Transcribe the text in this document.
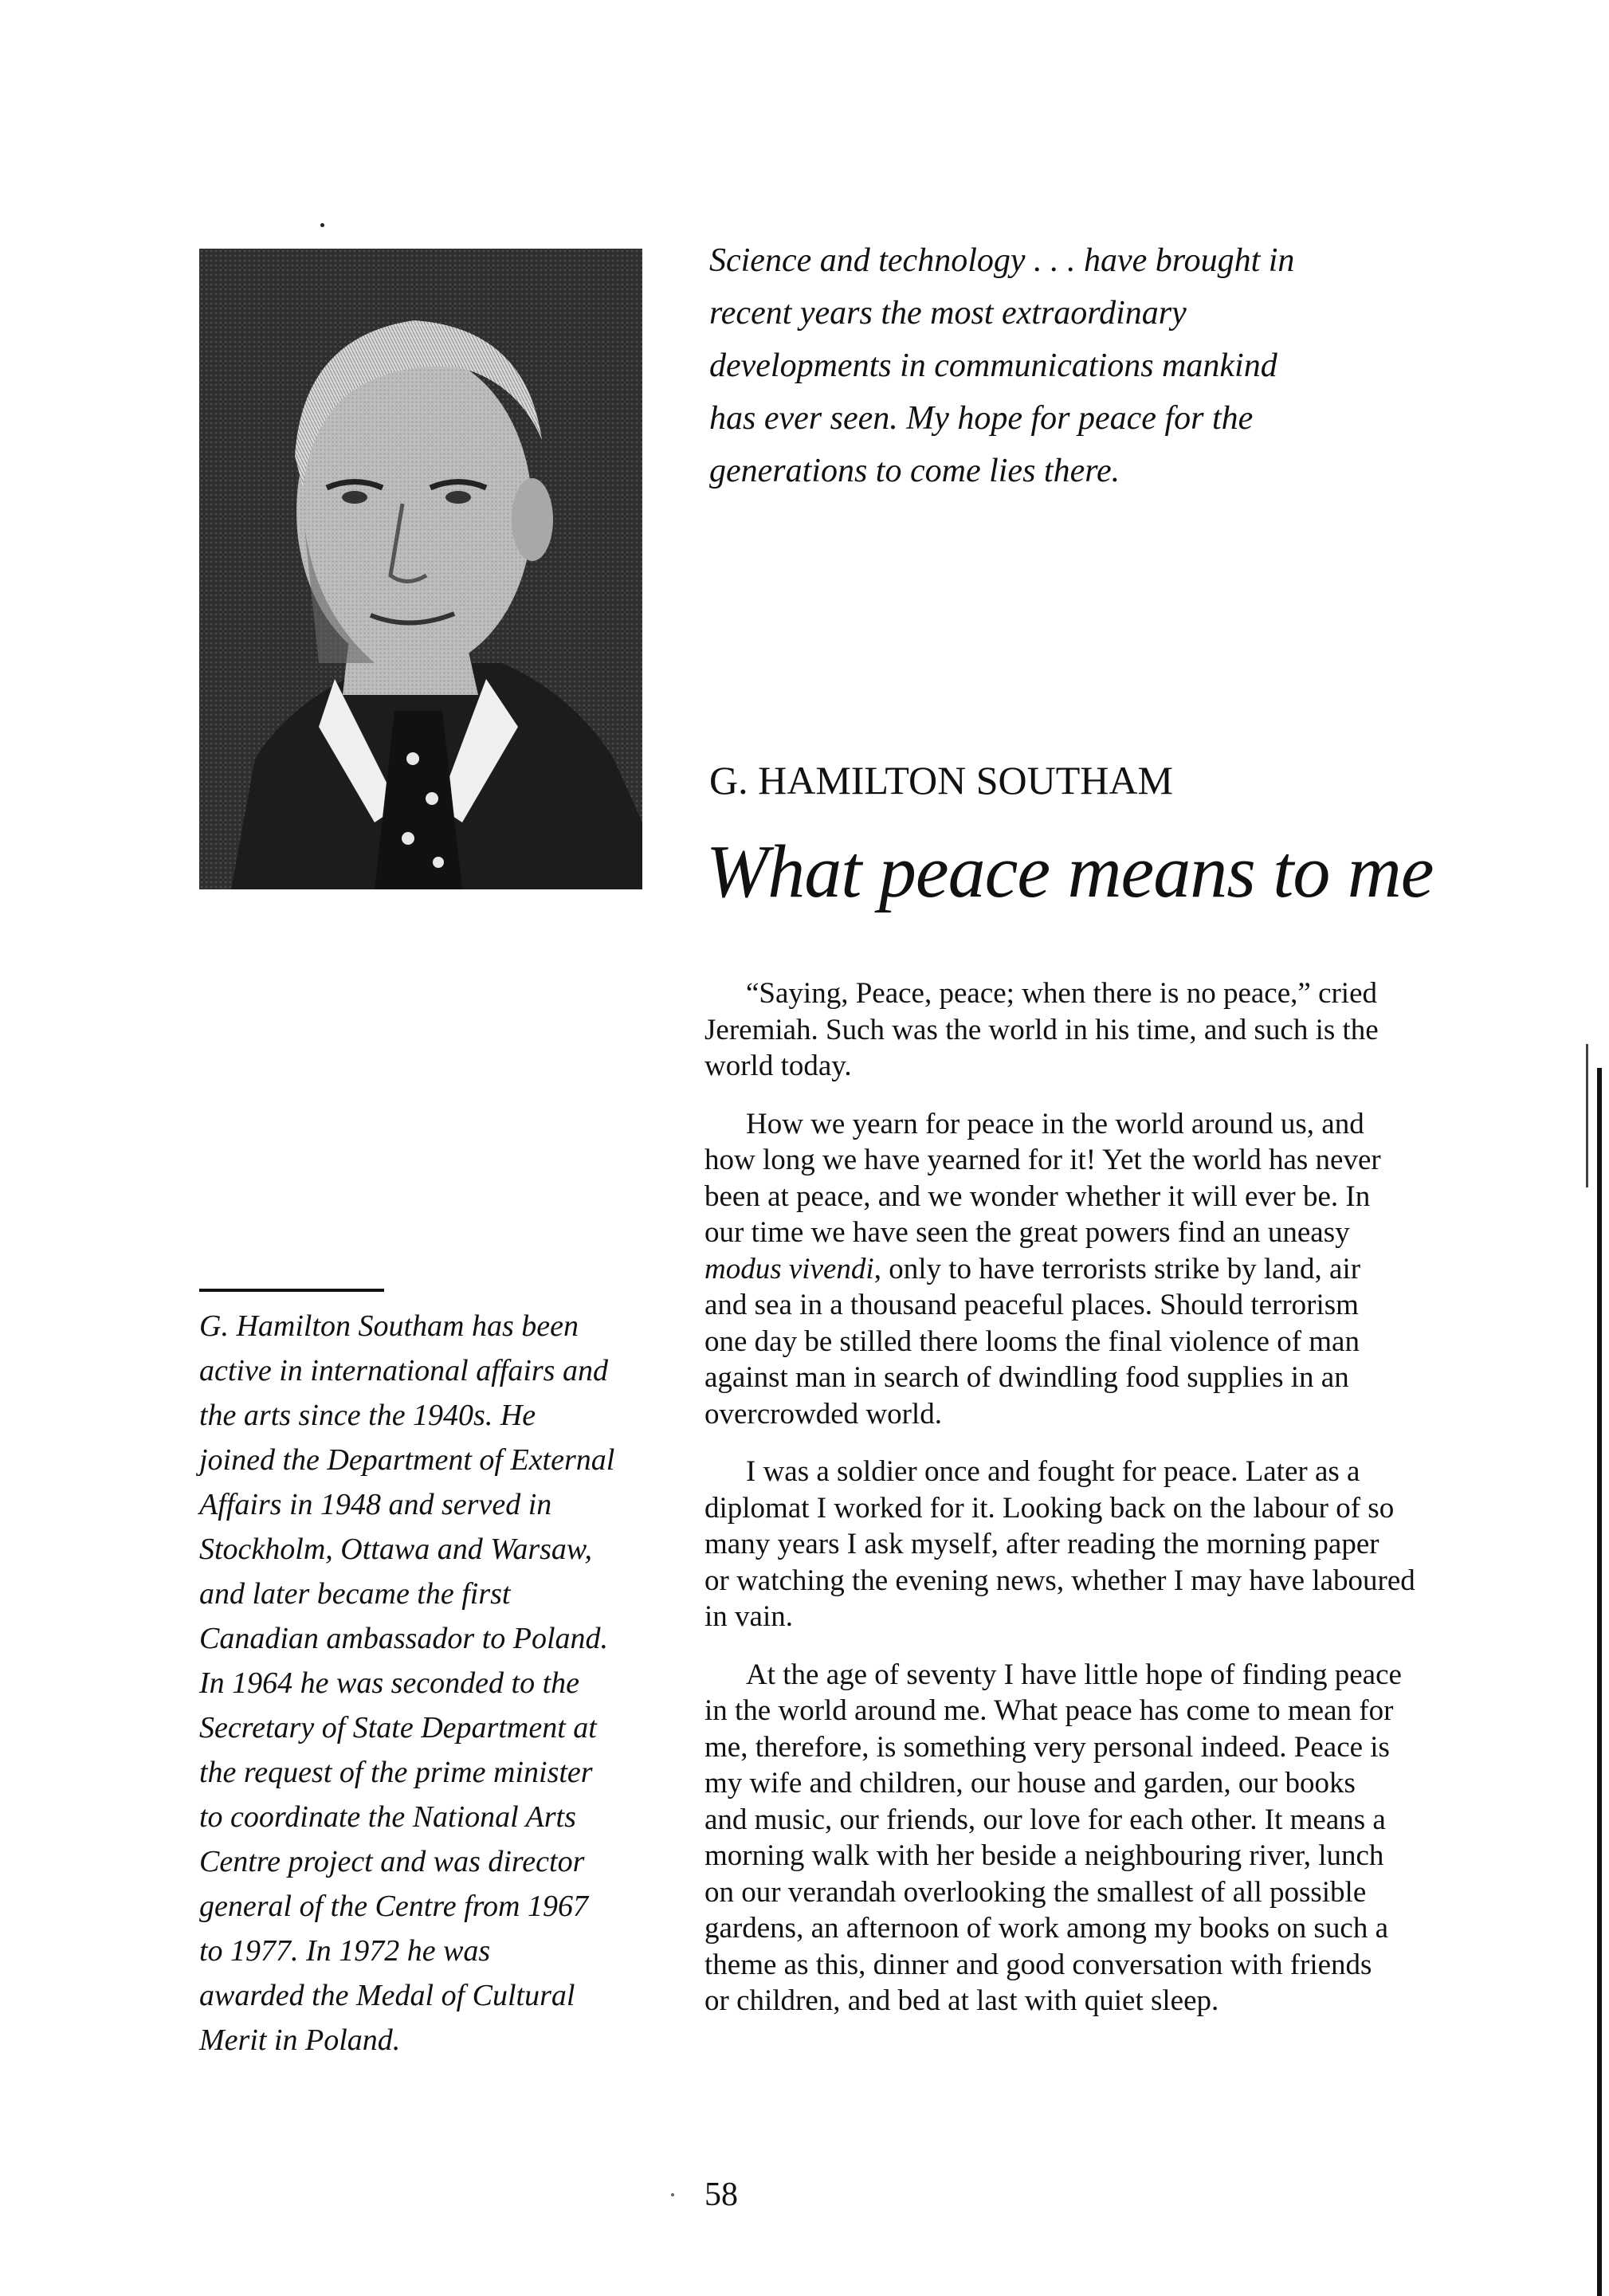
Science and technology . . . have brought in
recent years the most extraordinary
developments in communications mankind
has ever seen. My hope for peace for the
generations to come lies there.
G. HAMILTON SOUTHAM
What peace means to me

“Saying, Peace, peace; when there is no peace,” cried
Jeremiah. Such was the world in his time, and such is the
world today.

How we yearn for peace in the world around us, and
how long we have yearned for it! Yet the world has never
been at peace, and we wonder whether it will ever be. In
our time we have seen the great powers find an uneasy
modus vivendi, only to have terrorists strike by land, air
and sea in a thousand peaceful places. Should terrorism
one day be stilled there looms the final violence of man
against man in search of dwindling food supplies in an
overcrowded world.

I was a soldier once and fought for peace. Later as a
diplomat I worked for it. Looking back on the labour of so
many years I ask myself, after reading the morning paper
or watching the evening news, whether I may have laboured
in vain.

At the age of seventy I have little hope of finding peace
in the world around me. What peace has come to mean for
me, therefore, is something very personal indeed. Peace is
my wife and children, our house and garden, our books
and music, our friends, our love for each other. It means a
morning walk with her beside a neighbouring river, lunch
on our verandah overlooking the smallest of all possible
gardens, an afternoon of work among my books on such a
theme as this, dinner and good conversation with friends
or children, and bed at last with quiet sleep.

G. Hamilton Southam has been
active in international affairs and
the arts since the 1940s. He
joined the Department of External
Affairs in 1948 and served in
Stockholm, Ottawa and Warsaw,
and later became the first
Canadian ambassador to Poland.
In 1964 he was seconded to the
Secretary of State Department at
the request of the prime minister
to coordinate the National Arts
Centre project and was director
general of the Centre from 1967
to 1977. In 1972 he was
awarded the Medal of Cultural
Merit in Poland.
58
